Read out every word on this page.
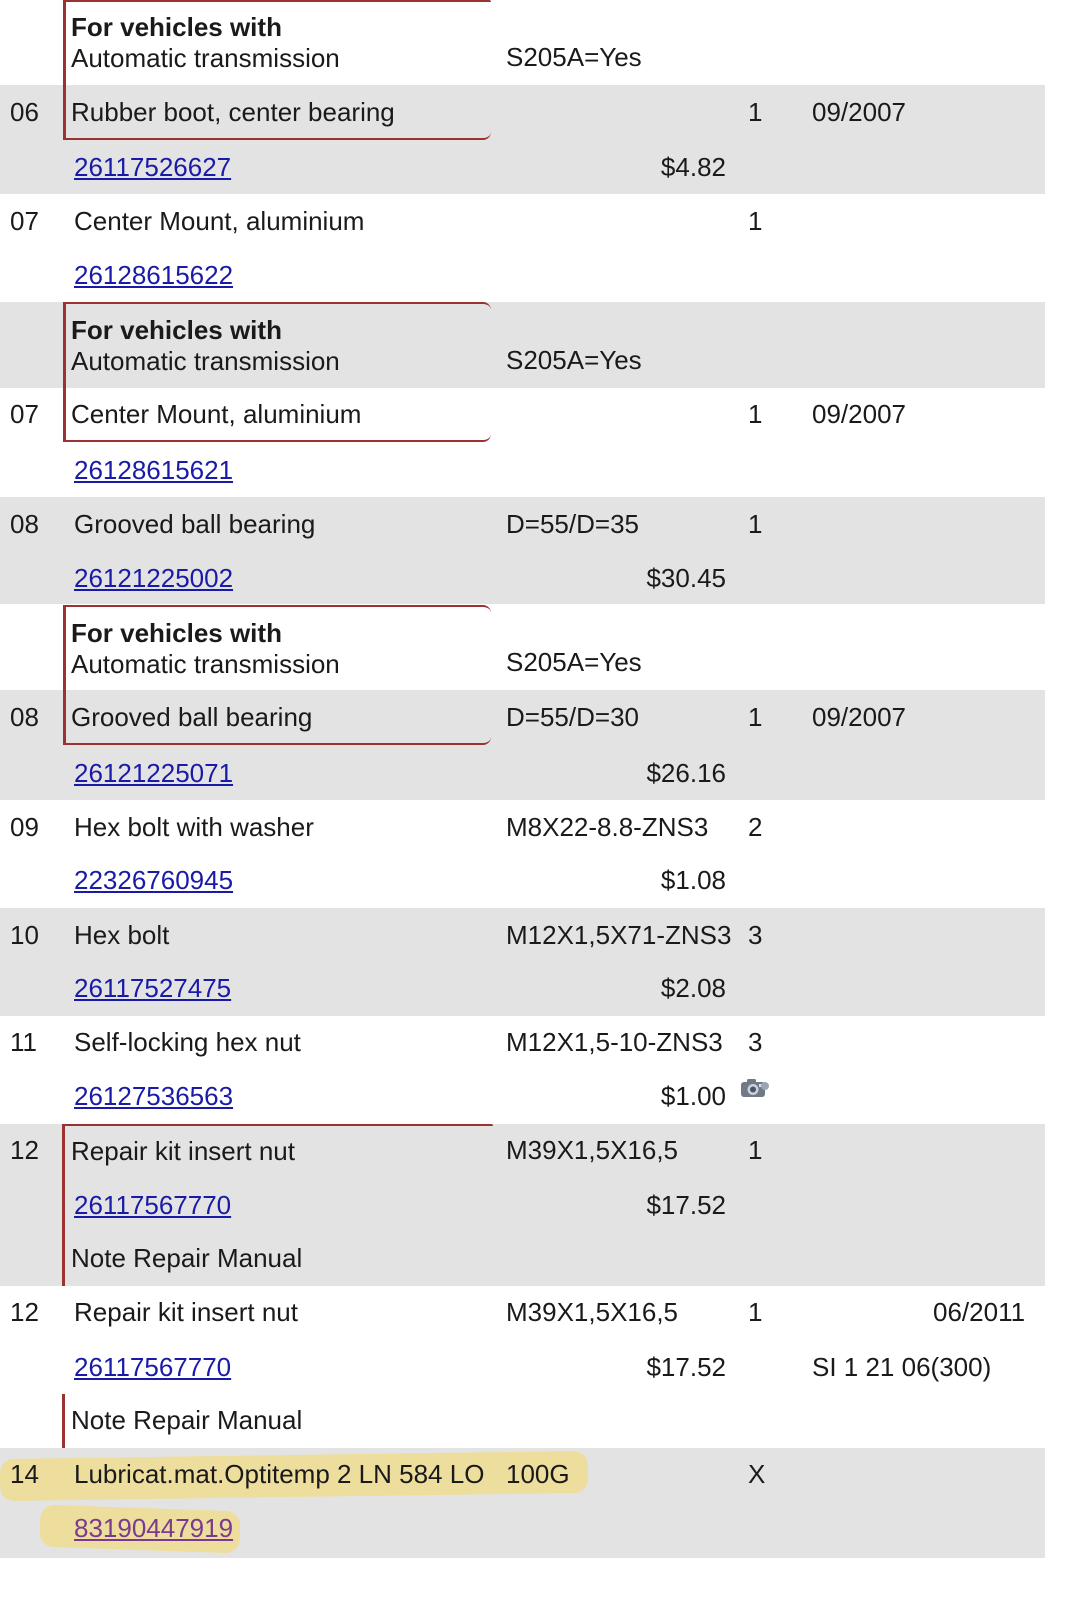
For vehicles with
Automatic transmission	S205A=Yes
06 Rubber boot, center bearing	1 09/2007
26117526627	$4.82
07 Center Mount, aluminium	1
26128615622
For vehicles with
Automatic transmission	S205A=Yes
07 Center Mount, aluminium	1 09/2007
26128615621
08 Grooved ball bearing	D=55/D=35	1
26121225002	$30.45
For vehicles with
Automatic transmission	S205A=Yes
08 Grooved ball bearing	D=55/D=30	1 09/2007
26121225071	$26.16
09 Hex bolt with washer	M8X22-8.8-ZNS3 2
22326760945	$1.08
10 Hex bolt	M12X1,5X71-ZNS3 3
26117527475	$2.08
11 Self-locking hex nut	M12X1,5-10-ZNS3 3
26127536563	$1.00
12 Repair kit insert nut	M39X1,5X16,5	1
26117567770	$17.52
Note Repair Manual
12 Repair kit insert nut	M39X1,5X16,5	1	06/2011
26117567770	$17.52	SI 1 21 06(300)
Note Repair Manual
14 Lubricat.mat.Optitemp 2 LN 584 LO 100G	X
83190447919
